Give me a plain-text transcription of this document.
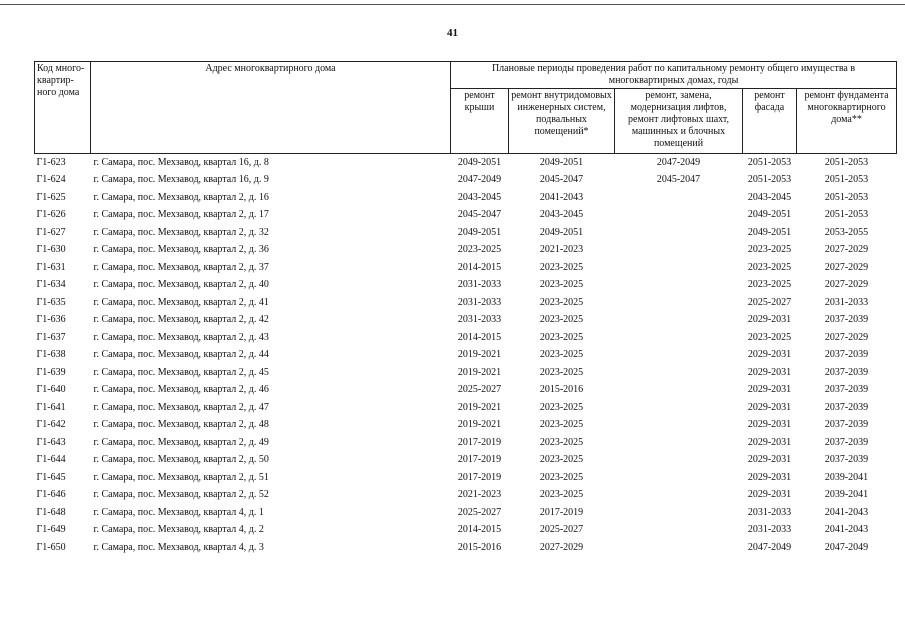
41
Код много-квартир-ного дома	Адрес многоквартирного дома	Плановые периоды проведения работ по капитальному ремонту общего имущества в многоквартирных домах, годы				
		ремонт крыши	ремонт внутридомовых инженерных систем, подвальных помещений*	ремонт, замена, модернизация лифтов, ремонт лифтовых шахт, машинных и блочных помещений	ремонт фасада	ремонт фундамента многоквартирного дома**
Г1-623	г. Самара, пос. Мехзавод, квартал 16, д. 8	2049-2051	2049-2051	2047-2049	2051-2053	2051-2053
Г1-624	г. Самара, пос. Мехзавод, квартал 16, д. 9	2047-2049	2045-2047	2045-2047	2051-2053	2051-2053
Г1-625	г. Самара, пос. Мехзавод, квартал 2, д. 16	2043-2045	2041-2043		2043-2045	2051-2053
Г1-626	г. Самара, пос. Мехзавод, квартал 2, д. 17	2045-2047	2043-2045		2049-2051	2051-2053
Г1-627	г. Самара, пос. Мехзавод, квартал 2, д. 32	2049-2051	2049-2051		2049-2051	2053-2055
Г1-630	г. Самара, пос. Мехзавод, квартал 2, д. 36	2023-2025	2021-2023		2023-2025	2027-2029
Г1-631	г. Самара, пос. Мехзавод, квартал 2, д. 37	2014-2015	2023-2025		2023-2025	2027-2029
Г1-634	г. Самара, пос. Мехзавод, квартал 2, д. 40	2031-2033	2023-2025		2023-2025	2027-2029
Г1-635	г. Самара, пос. Мехзавод, квартал 2, д. 41	2031-2033	2023-2025		2025-2027	2031-2033
Г1-636	г. Самара, пос. Мехзавод, квартал 2, д. 42	2031-2033	2023-2025		2029-2031	2037-2039
Г1-637	г. Самара, пос. Мехзавод, квартал 2, д. 43	2014-2015	2023-2025		2023-2025	2027-2029
Г1-638	г. Самара, пос. Мехзавод, квартал 2, д. 44	2019-2021	2023-2025		2029-2031	2037-2039
Г1-639	г. Самара, пос. Мехзавод, квартал 2, д. 45	2019-2021	2023-2025		2029-2031	2037-2039
Г1-640	г. Самара, пос. Мехзавод, квартал 2, д. 46	2025-2027	2015-2016		2029-2031	2037-2039
Г1-641	г. Самара, пос. Мехзавод, квартал 2, д. 47	2019-2021	2023-2025		2029-2031	2037-2039
Г1-642	г. Самара, пос. Мехзавод, квартал 2, д. 48	2019-2021	2023-2025		2029-2031	2037-2039
Г1-643	г. Самара, пос. Мехзавод, квартал 2, д. 49	2017-2019	2023-2025		2029-2031	2037-2039
Г1-644	г. Самара, пос. Мехзавод, квартал 2, д. 50	2017-2019	2023-2025		2029-2031	2037-2039
Г1-645	г. Самара, пос. Мехзавод, квартал 2, д. 51	2017-2019	2023-2025		2029-2031	2039-2041
Г1-646	г. Самара, пос. Мехзавод, квартал 2, д. 52	2021-2023	2023-2025		2029-2031	2039-2041
Г1-648	г. Самара, пос. Мехзавод, квартал 4, д. 1	2025-2027	2017-2019		2031-2033	2041-2043
Г1-649	г. Самара, пос. Мехзавод, квартал 4, д. 2	2014-2015	2025-2027		2031-2033	2041-2043
Г1-650	г. Самара, пос. Мехзавод, квартал 4, д. 3	2015-2016	2027-2029		2047-2049	2047-2049
